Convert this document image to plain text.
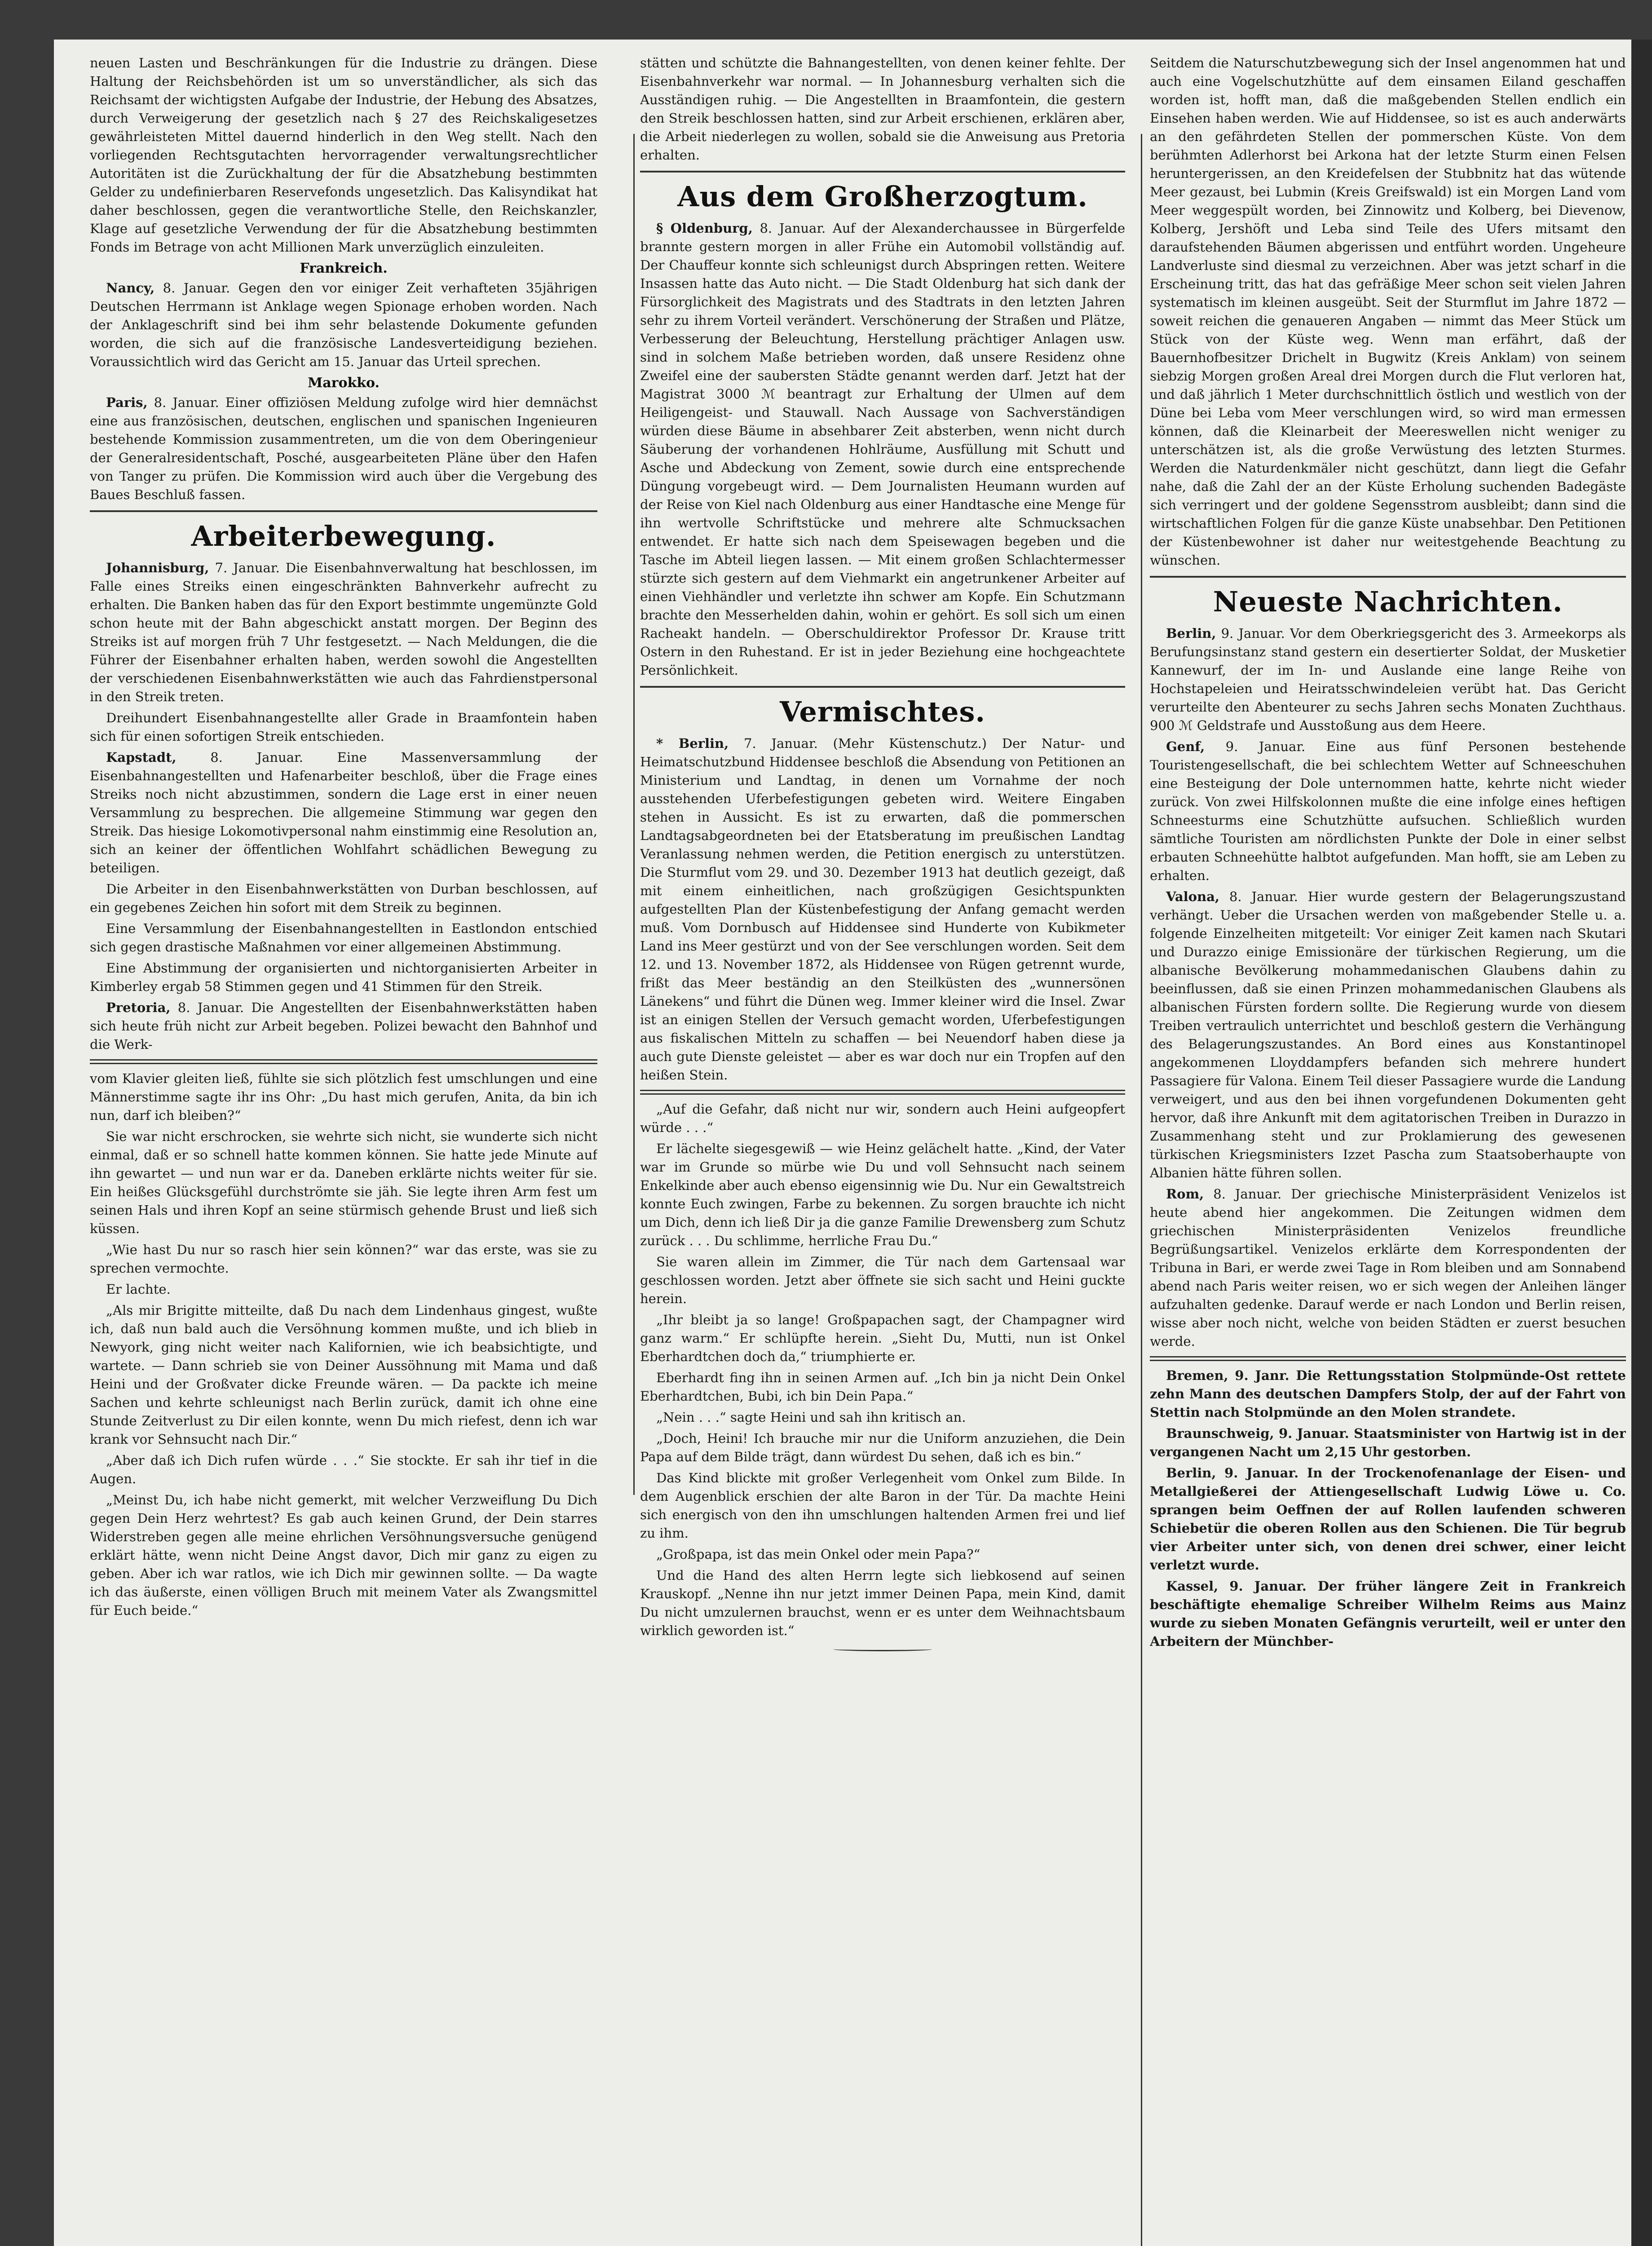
neuen Lasten und Beschränkungen für die Industrie zu drängen. Diese Haltung der Reichsbehörden ist um so unverständlicher, als sich das Reichsamt der wichtigsten Aufgabe der Industrie, der Hebung des Absatzes, durch Verweigerung der gesetzlich nach § 27 des Reichskaligesetzes gewährleisteten Mittel dauernd hinderlich in den Weg stellt. Nach den vorliegenden Rechtsgutachten hervorragender verwaltungsrechtlicher Autoritäten ist die Zurückhaltung der für die Absatzhebung bestimmten Gelder zu undefinierbaren Reservefonds ungesetzlich. Das Kalisyndikat hat daher beschlossen, gegen die verantwortliche Stelle, den Reichskanzler, Klage auf gesetzliche Verwendung der für die Absatzhebung bestimmten Fonds im Betrage von acht Millionen Mark unverzüglich einzuleiten.

Frankreich.

Nancy, 8. Januar. Gegen den vor einiger Zeit verhafteten 35jährigen Deutschen Herrmann ist Anklage wegen Spionage erhoben worden. Nach der Anklageschrift sind bei ihm sehr belastende Dokumente gefunden worden, die sich auf die französische Landesverteidigung beziehen. Voraussichtlich wird das Gericht am 15. Januar das Urteil sprechen.

Marokko.

Paris, 8. Januar. Einer offiziösen Meldung zufolge wird hier demnächst eine aus französischen, deutschen, englischen und spanischen Ingenieuren bestehende Kommission zusammentreten, um die von dem Oberingenieur der Generalresidentschaft, Posché, ausgearbeiteten Pläne über den Hafen von Tanger zu prüfen. Die Kommission wird auch über die Vergebung des Baues Beschluß fassen.

Arbeiterbewegung.

Johannisburg, 7. Januar. Die Eisenbahnverwaltung hat beschlossen, im Falle eines Streiks einen eingeschränkten Bahnverkehr aufrecht zu erhalten. Die Banken haben das für den Export bestimmte ungemünzte Gold schon heute mit der Bahn abgeschickt anstatt morgen. Der Beginn des Streiks ist auf morgen früh 7 Uhr festgesetzt. — Nach Meldungen, die die Führer der Eisenbahner erhalten haben, werden sowohl die Angestellten der verschiedenen Eisenbahnwerkstätten wie auch das Fahrdienstpersonal in den Streik treten.

Dreihundert Eisenbahnangestellte aller Grade in Braamfontein haben sich für einen sofortigen Streik entschieden.

Kapstadt,	8. Januar. Eine Massenversammlung der Eisenbahnangestellten und Hafenarbeiter beschloß, über die Frage eines Streiks noch nicht abzustimmen, sondern die Lage erst in einer neuen Versammlung zu besprechen. Die allgemeine Stimmung war gegen den Streik. Das hiesige Lokomotivpersonal nahm einstimmig eine Resolution an, sich an keiner der öffentlichen Wohlfahrt schädlichen Bewegung zu beteiligen.

Die Arbeiter in den Eisenbahnwerkstätten von Durban beschlossen, auf ein gegebenes Zeichen hin sofort mit dem Streik zu beginnen.

Eine Versammlung der Eisenbahnangestellten in Eastlondon entschied sich gegen drastische Maßnahmen vor einer allgemeinen Abstimmung.

Eine Abstimmung der organisierten und nichtorganisierten Arbeiter in Kimberley ergab 58 Stimmen gegen und 41 Stimmen für den Streik.

Pretoria, 8. Januar. Die Angestellten der Eisenbahnwerkstätten haben sich heute früh nicht zur Arbeit begeben. Polizei bewacht den Bahnhof und die Werk-

vom Klavier gleiten ließ, fühlte sie sich plötzlich fest umschlungen und eine Männerstimme sagte ihr ins Ohr: „Du hast mich gerufen, Anita, da bin ich nun, darf ich bleiben?“

Sie war nicht erschrocken, sie wehrte sich nicht, sie wunderte sich nicht einmal, daß er so schnell hatte kommen können. Sie hatte jede Minute auf ihn gewartet — und nun war er da. Daneben erklärte nichts weiter für sie. Ein heißes Glücksgefühl durchströmte sie jäh. Sie legte ihren Arm fest um seinen Hals und ihren Kopf an seine stürmisch gehende Brust und ließ sich küssen.

„Wie hast Du nur so rasch hier sein können?“ war das erste, was sie zu sprechen vermochte.

Er lachte.

„Als mir Brigitte mitteilte, daß Du nach dem Lindenhaus gingest, wußte ich, daß nun bald auch die Versöhnung kommen mußte, und ich blieb in Newyork, ging nicht weiter nach Kalifornien, wie ich beabsichtigte, und wartete. — Dann schrieb sie von Deiner Aussöhnung mit Mama und daß Heini und der Großvater dicke Freunde wären. — Da packte ich meine Sachen und kehrte schleunigst nach Berlin zurück, damit ich ohne eine Stunde Zeitverlust zu Dir eilen konnte, wenn Du mich riefest, denn ich war krank vor Sehnsucht nach Dir.“

„Aber daß ich Dich rufen würde . . .“ Sie stockte. Er sah ihr tief in die Augen.

„Meinst Du, ich habe nicht gemerkt, mit welcher Verzweiflung Du Dich gegen Dein Herz wehrtest? Es gab auch keinen Grund, der Dein starres Widerstreben gegen alle meine ehrlichen Versöhnungsversuche genügend erklärt hätte, wenn nicht Deine Angst davor, Dich mir ganz zu eigen zu geben. Aber ich war ratlos, wie ich Dich mir gewinnen sollte. — Da wagte ich das äußerste, einen völligen Bruch mit meinem Vater als Zwangsmittel für Euch beide.“

stätten und schützte die Bahnangestellten, von denen keiner fehlte. Der Eisenbahnverkehr war normal. — In Johannesburg verhalten sich die Ausständigen ruhig. — Die Angestellten in Braamfontein, die gestern den Streik beschlossen hatten, sind zur Arbeit erschienen, erklären aber, die Arbeit niederlegen zu wollen, sobald sie die Anweisung aus Pretoria erhalten.

Aus dem Großherzogtum.

§ Oldenburg, 8. Januar. Auf der Alexanderchaussee in Bürgerfelde brannte gestern morgen in aller Frühe ein Automobil vollständig auf. Der Chauffeur konnte sich schleunigst durch Abspringen retten. Weitere Insassen hatte das Auto nicht. — Die Stadt Oldenburg hat sich dank der Fürsorglichkeit des Magistrats und des Stadtrats in den letzten Jahren sehr zu ihrem Vorteil verändert. Verschönerung der Straßen und Plätze, Verbesserung der Beleuchtung, Herstellung prächtiger Anlagen usw. sind in solchem Maße betrieben worden, daß unsere Residenz ohne Zweifel eine der saubersten Städte genannt werden darf. Jetzt hat der Magistrat 3000 ℳ beantragt zur Erhaltung der Ulmen auf dem Heiligengeist- und Stauwall. Nach Aussage von Sachverständigen würden diese Bäume in absehbarer Zeit absterben, wenn nicht durch Säuberung der vorhandenen Hohlräume, Ausfüllung mit Schutt und Asche und Abdeckung von Zement, sowie durch eine entsprechende Düngung vorgebeugt wird. — Dem Journalisten Heumann wurden auf der Reise von Kiel nach Oldenburg aus einer Handtasche eine Menge für ihn wertvolle Schriftstücke und mehrere alte Schmucksachen entwendet. Er hatte sich nach dem Speisewagen begeben und die Tasche im Abteil liegen lassen. — Mit einem großen Schlachtermesser stürzte sich gestern auf dem Viehmarkt ein angetrunkener Arbeiter auf einen Viehhändler und verletzte ihn schwer am Kopfe. Ein Schutzmann brachte den Messerhelden dahin, wohin er gehört. Es soll sich um einen Racheakt handeln. — Oberschuldirektor Professor Dr. Krause tritt Ostern in den Ruhestand. Er ist in jeder Beziehung eine hochgeachtete Persönlichkeit.

Vermischtes.

* Berlin, 7. Januar. (Mehr Küstenschutz.) Der Natur- und Heimatschutzbund Hiddensee beschloß die Absendung von Petitionen an Ministerium und Landtag, in denen um Vornahme der noch ausstehenden Uferbefestigungen gebeten wird. Weitere Eingaben stehen in Aussicht. Es ist zu erwarten, daß die pommerschen Landtagsabgeordneten bei der Etatsberatung im preußischen Landtag Veranlassung nehmen werden, die Petition energisch zu unterstützen. Die Sturmflut vom 29. und 30. Dezember 1913 hat deutlich gezeigt, daß mit einem einheitlichen, nach großzügigen Gesichtspunkten aufgestellten Plan der Küstenbefestigung der Anfang gemacht werden muß. Vom Dornbusch auf Hiddensee sind Hunderte von Kubikmeter Land ins Meer gestürzt und von der See verschlungen worden. Seit dem 12. und 13. November 1872, als Hiddensee von Rügen getrennt wurde, frißt das Meer beständig an den Steilküsten des „wunnersönen Länekens“ und führt die Dünen weg. Immer kleiner wird die Insel. Zwar ist an einigen Stellen der Versuch gemacht worden, Uferbefestigungen aus fiskalischen Mitteln zu schaffen — bei Neuendorf haben diese ja auch gute Dienste geleistet — aber es war doch nur ein Tropfen auf den heißen Stein.

„Auf die Gefahr, daß nicht nur wir, sondern auch Heini aufgeopfert würde . . .“

Er lächelte siegesgewiß — wie Heinz gelächelt hatte. „Kind, der Vater war im Grunde so mürbe wie Du und voll Sehnsucht nach seinem Enkelkinde aber auch ebenso eigensinnig wie Du. Nur ein Gewaltstreich konnte Euch zwingen, Farbe zu bekennen. Zu sorgen brauchte ich nicht um Dich, denn ich ließ Dir ja die ganze Familie Drewensberg zum Schutz zurück . . . Du schlimme, herrliche Frau Du.“

Sie waren allein im Zimmer, die Tür nach dem Gartensaal war geschlossen worden. Jetzt aber öffnete sie sich sacht und Heini guckte herein.

„Ihr bleibt ja so lange! Großpapachen sagt, der Champagner wird ganz warm.“ Er schlüpfte herein. „Sieht Du, Mutti, nun ist Onkel Eberhardtchen doch da,“ triumphierte er.

Eberhardt fing ihn in seinen Armen auf. „Ich bin ja nicht Dein Onkel Eberhardtchen, Bubi, ich bin Dein Papa.“

„Nein . . .“ sagte Heini und sah ihn kritisch an.

„Doch, Heini! Ich brauche mir nur die Uniform anzuziehen, die Dein Papa auf dem Bilde trägt, dann würdest Du sehen, daß ich es bin.“

Das Kind blickte mit großer Verlegenheit vom Onkel zum Bilde. In dem Augenblick erschien der alte Baron in der Tür. Da machte Heini sich energisch von den ihn umschlungen haltenden Armen frei und lief zu ihm.

„Großpapa, ist das mein Onkel oder mein Papa?“

Und die Hand des alten Herrn legte sich liebkosend auf seinen Krauskopf. „Nenne ihn nur jetzt immer Deinen Papa, mein Kind, damit Du nicht umzulernen brauchst, wenn er es unter dem Weihnachtsbaum wirklich geworden ist.“

Seitdem die Naturschutzbewegung sich der Insel angenommen hat und auch eine Vogelschutzhütte auf dem einsamen Eiland geschaffen worden ist, hofft man, daß die maßgebenden Stellen endlich ein Einsehen haben werden. Wie auf Hiddensee, so ist es auch anderwärts an den gefährdeten Stellen der pommerschen Küste. Von dem berühmten Adlerhorst bei Arkona hat der letzte Sturm einen Felsen heruntergerissen, an den Kreidefelsen der Stubbnitz hat das wütende Meer gezaust, bei Lubmin (Kreis Greifswald) ist ein Morgen Land vom Meer weggespült worden, bei Zinnowitz und Kolberg, bei Dievenow, Kolberg, Jershöft und Leba sind Teile des Ufers mitsamt den daraufstehenden Bäumen abgerissen und entführt worden. Ungeheure Landverluste sind diesmal zu verzeichnen. Aber was jetzt scharf in die Erscheinung tritt, das hat das gefräßige Meer schon seit vielen Jahren systematisch im kleinen ausgeübt. Seit der Sturmflut im Jahre 1872 — soweit reichen die genaueren Angaben — nimmt das Meer Stück um Stück von der Küste weg. Wenn man erfährt, daß der Bauernhofbesitzer Drichelt in Bugwitz (Kreis Anklam) von seinem siebzig Morgen großen Areal drei Morgen durch die Flut verloren hat, und daß jährlich 1 Meter durchschnittlich östlich und westlich von der Düne bei Leba vom Meer verschlungen wird, so wird man ermessen können, daß die Kleinarbeit der Meereswellen nicht weniger zu unterschätzen ist, als die große Verwüstung des letzten Sturmes. Werden die Naturdenkmäler nicht geschützt, dann liegt die Gefahr nahe, daß die Zahl der an der Küste Erholung suchenden Badegäste sich verringert und der goldene Segensstrom ausbleibt; dann sind die wirtschaftlichen Folgen für die ganze Küste unabsehbar. Den Petitionen der Küstenbewohner ist daher nur weitestgehende Beachtung zu wünschen.

Neueste Nachrichten.

Berlin, 9. Januar. Vor dem Oberkriegsgericht des 3. Armeekorps als Berufungsinstanz stand gestern ein desertierter Soldat, der Musketier Kannewurf, der im In- und Auslande eine lange Reihe von Hochstapeleien und Heiratsschwindeleien verübt hat. Das Gericht verurteilte den Abenteurer zu sechs Jahren sechs Monaten Zuchthaus. 900 ℳ Geldstrafe und Ausstoßung aus dem Heere.

Genf, 9. Januar. Eine aus fünf Personen bestehende Touristengesellschaft, die bei schlechtem Wetter auf Schneeschuhen eine Besteigung der Dole unternommen hatte, kehrte nicht wieder zurück. Von zwei Hilfskolonnen mußte die eine infolge eines heftigen Schneesturms eine Schutzhütte aufsuchen. Schließlich wurden sämtliche Touristen am nördlichsten Punkte der Dole in einer selbst erbauten Schneehütte halbtot aufgefunden. Man hofft, sie am Leben zu erhalten.

Valona, 8. Januar. Hier wurde gestern der Belagerungszustand verhängt. Ueber die Ursachen werden von maßgebender Stelle u. a. folgende Einzelheiten mitgeteilt: Vor einiger Zeit kamen nach Skutari und Durazzo einige Emissionäre der türkischen Regierung, um die albanische Bevölkerung mohammedanischen Glaubens dahin zu beeinflussen, daß sie einen Prinzen mohammedanischen Glaubens als albanischen Fürsten fordern sollte. Die Regierung wurde von diesem Treiben vertraulich unterrichtet und beschloß gestern die Verhängung des Belagerungszustandes. An Bord eines aus Konstantinopel angekommenen Lloyddampfers befanden sich mehrere hundert Passagiere für Valona. Einem Teil dieser Passagiere wurde die Landung verweigert, und aus den bei ihnen vorgefundenen Dokumenten geht hervor, daß ihre Ankunft mit dem agitatorischen Treiben in Durazzo in Zusammenhang steht und zur Proklamierung des gewesenen türkischen Kriegsministers Izzet Pascha zum Staatsoberhaupte von Albanien hätte führen sollen.

Rom, 8. Januar. Der griechische Ministerpräsident Venizelos ist heute abend hier angekommen. Die Zeitungen widmen dem griechischen Ministerpräsidenten Venizelos freundliche Begrüßungsartikel. Venizelos erklärte dem Korrespondenten der Tribuna in Bari, er werde zwei Tage in Rom bleiben und am Sonnabend abend nach Paris weiter reisen, wo er sich wegen der Anleihen länger aufzuhalten gedenke. Darauf werde er nach London und Berlin reisen, wisse aber noch nicht, welche von beiden Städten er zuerst besuchen werde.

Bremen, 9. Janr. Die Rettungsstation Stolpmünde-Ost rettete zehn Mann des deutschen Dampfers Stolp, der auf der Fahrt von Stettin nach Stolpmünde an den Molen strandete.

Braunschweig, 9. Januar. Staatsminister von Hartwig ist in der vergangenen Nacht um 2,15 Uhr gestorben.

Berlin, 9. Januar. In der Trockenofenanlage der Eisen- und Metallgießerei der Attiengesellschaft Ludwig Löwe u. Co. sprangen beim Oeffnen der auf Rollen laufenden schweren Schiebetür die oberen Rollen aus den Schienen. Die Tür begrub vier Arbeiter unter sich, von denen drei schwer, einer leicht verletzt wurde.

Kassel, 9. Januar. Der früher längere Zeit in Frankreich beschäftigte ehemalige Schreiber Wilhelm Reims aus Mainz wurde zu sieben Monaten Gefängnis verurteilt, weil er unter den Arbeitern der Münchber-
